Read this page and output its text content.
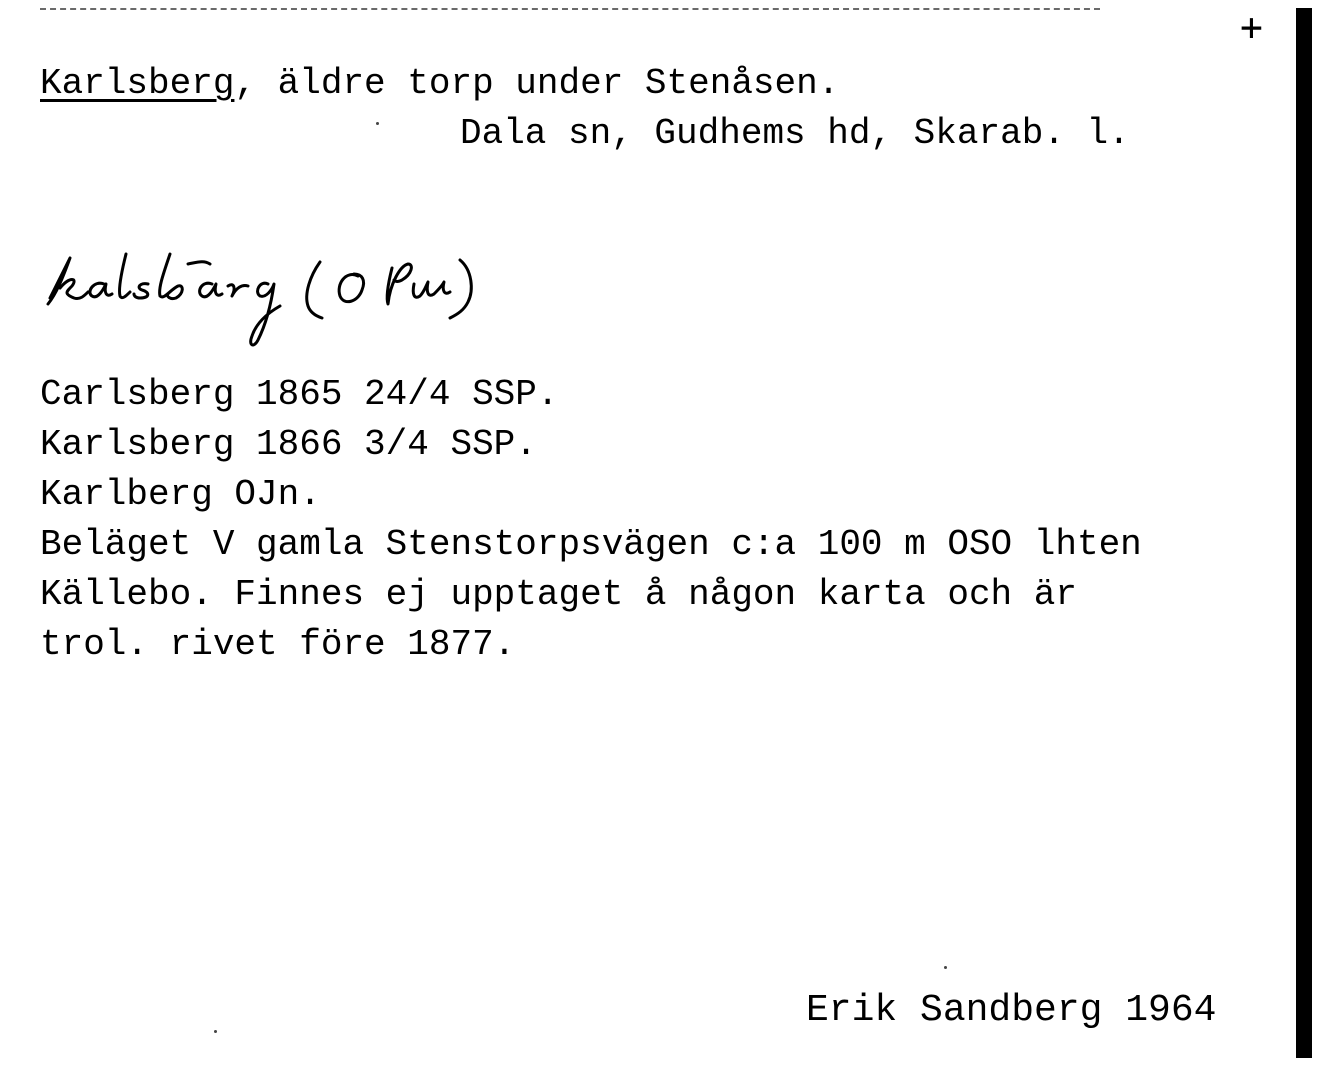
+
Karlsberg, äldre torp under Stenåsen.
Dala sn, Gudhems hd, Skarab. l.
Carlsberg 1865 24/4 SSP.
Karlsberg 1866 3/4 SSP.
Karlberg OJn.
Beläget V gamla Stenstorpsvägen c:a 100 m OSO lhten
Källebo. Finnes ej upptaget å någon karta och är
trol. rivet före 1877.
Erik Sandberg 1964
